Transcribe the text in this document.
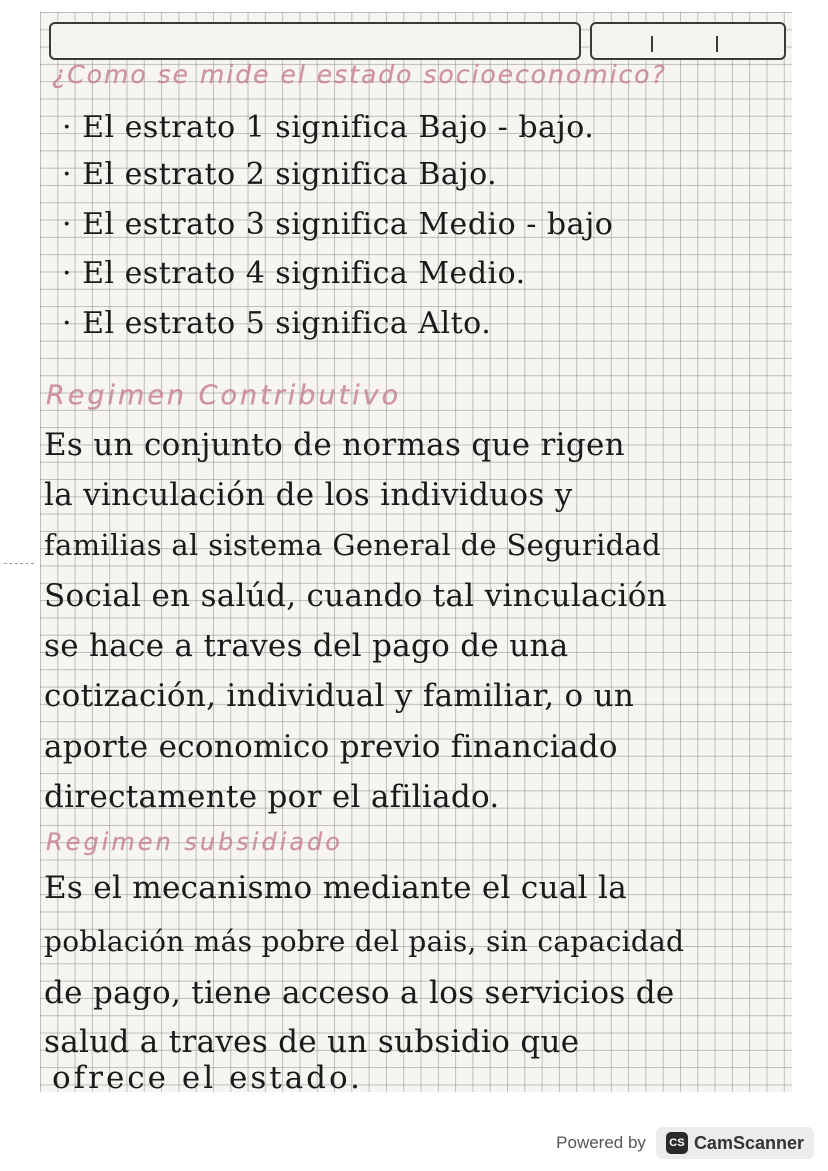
¿Como se mide el estado socioeconomico?
· El estrato 1 significa Bajo - bajo.
· El estrato 2 significa Bajo.
· El estrato 3 significa Medio - bajo
· El estrato 4 significa Medio.
· El estrato 5 significa Alto.
Regimen Contributivo
Es un conjunto de normas que rigen
la vinculación de los individuos y
familias al sistema General de Seguridad
Social en salúd, cuando tal vinculación
se hace a traves del pago de una
cotización, individual y familiar, o un
aporte economico previo financiado
directamente por el afiliado.
Regimen subsidiado
Es el mecanismo mediante el cual la
población más pobre del pais, sin capacidad
de pago, tiene acceso a los servicios de
salud a traves de un subsidio que
ofrece el estado.
Powered by	CS CamScanner
